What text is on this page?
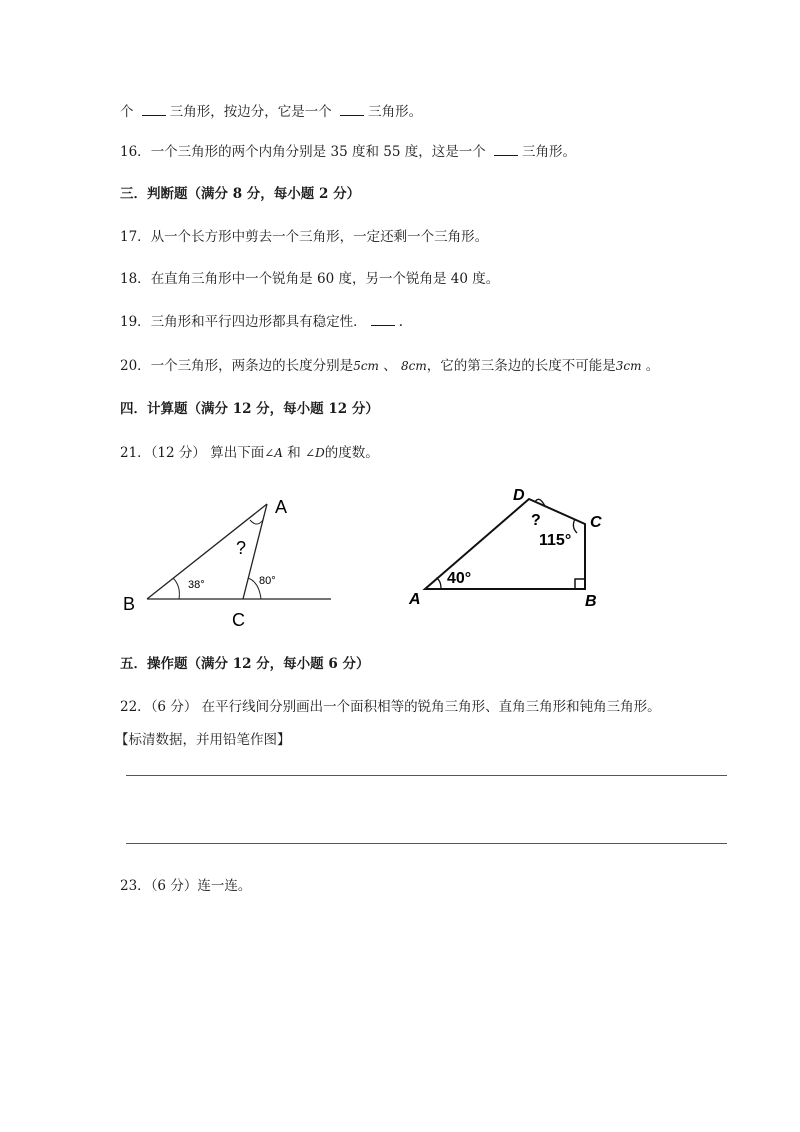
个	三角形，按边分，它是一个	三角形。
16．一个三角形的两个内角分别是 35 度和 55 度，这是一个	三角形。
三．判断题（满分 8 分，每小题 2 分）
17．从一个长方形中剪去一个三角形，一定还剩一个三角形。
18．在直角三角形中一个锐角是 60 度，另一个锐角是 40 度。
19．三角形和平行四边形都具有稳定性． .
20．一个三角形，两条边的长度分别是5cm 、 8cm，它的第三条边的长度不可能是3cm 。
四．计算题（满分 12 分，每小题 12 分）
21．（12 分） 算出下面∠A 和 ∠D的度数。
A
B
C
?
38°	80°
A	B
C
D
?
40°
115°
五．操作题（满分 12 分，每小题 6 分）
22．（6 分） 在平行线间分别画出一个面积相等的锐角三角形、直角三角形和钝角三角形。
【标清数据，并用铅笔作图】
23．（6 分）连一连。
